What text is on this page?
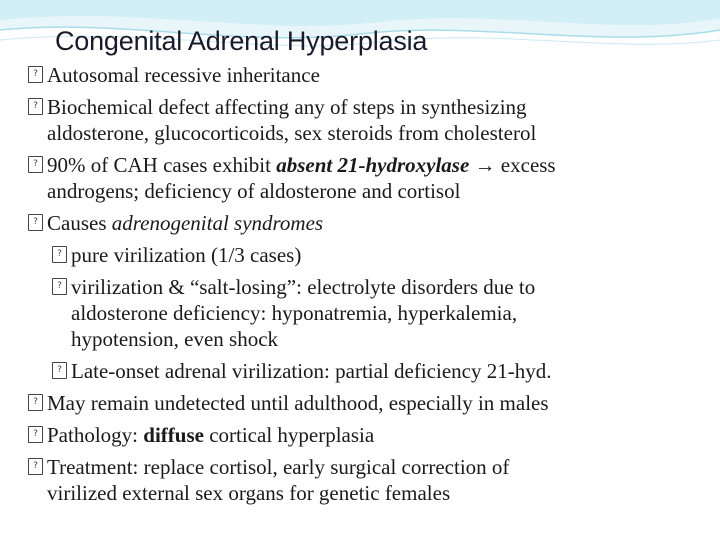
Congenital Adrenal Hyperplasia

? Autosomal recessive inheritance

? Biochemical defect affecting any of steps in synthesizing
aldosterone, glucocorticoids, sex steroids from cholesterol

? 90% of CAH cases exhibit absent 21-hydroxylase → excess
androgens; deficiency of aldosterone and cortisol

? Causes adrenogenital syndromes

? pure virilization (1/3 cases)

? virilization & “salt-losing”: electrolyte disorders due to
aldosterone deficiency: hyponatremia, hyperkalemia,
hypotension, even shock

? Late-onset adrenal virilization: partial deficiency 21-hyd.

? May remain undetected until adulthood, especially in males

? Pathology: diffuse cortical hyperplasia

? Treatment: replace cortisol, early surgical correction of
virilized external sex organs for genetic females
